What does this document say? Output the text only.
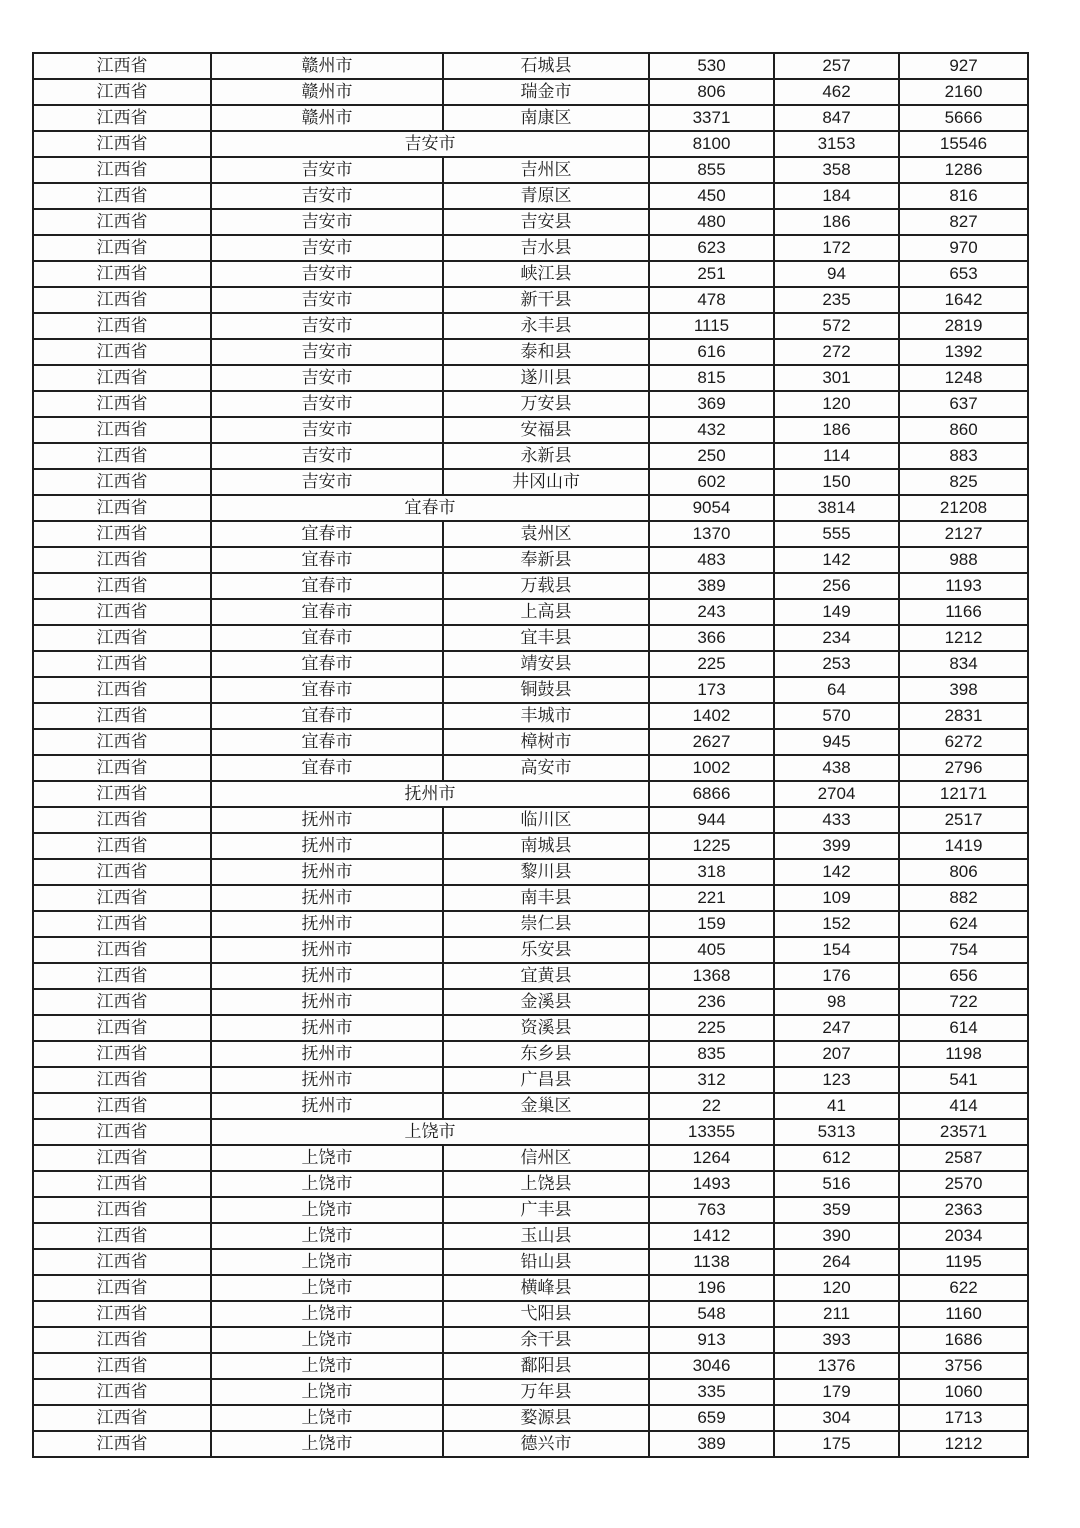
江西省	赣州市	石城县	530	257	927
江西省	赣州市	瑞金市	806	462	2160
江西省	赣州市	南康区	3371	847	5666
江西省	吉安市		8100	3153	15546
江西省	吉安市	吉州区	855	358	1286
江西省	吉安市	青原区	450	184	816
江西省	吉安市	吉安县	480	186	827
江西省	吉安市	吉水县	623	172	970
江西省	吉安市	峡江县	251	94	653
江西省	吉安市	新干县	478	235	1642
江西省	吉安市	永丰县	1115	572	2819
江西省	吉安市	泰和县	616	272	1392
江西省	吉安市	遂川县	815	301	1248
江西省	吉安市	万安县	369	120	637
江西省	吉安市	安福县	432	186	860
江西省	吉安市	永新县	250	114	883
江西省	吉安市	井冈山市	602	150	825
江西省	宜春市		9054	3814	21208
江西省	宜春市	袁州区	1370	555	2127
江西省	宜春市	奉新县	483	142	988
江西省	宜春市	万载县	389	256	1193
江西省	宜春市	上高县	243	149	1166
江西省	宜春市	宜丰县	366	234	1212
江西省	宜春市	靖安县	225	253	834
江西省	宜春市	铜鼓县	173	64	398
江西省	宜春市	丰城市	1402	570	2831
江西省	宜春市	樟树市	2627	945	6272
江西省	宜春市	高安市	1002	438	2796
江西省	抚州市		6866	2704	12171
江西省	抚州市	临川区	944	433	2517
江西省	抚州市	南城县	1225	399	1419
江西省	抚州市	黎川县	318	142	806
江西省	抚州市	南丰县	221	109	882
江西省	抚州市	崇仁县	159	152	624
江西省	抚州市	乐安县	405	154	754
江西省	抚州市	宜黄县	1368	176	656
江西省	抚州市	金溪县	236	98	722
江西省	抚州市	资溪县	225	247	614
江西省	抚州市	东乡县	835	207	1198
江西省	抚州市	广昌县	312	123	541
江西省	抚州市	金巢区	22	41	414
江西省	上饶市		13355	5313	23571
江西省	上饶市	信州区	1264	612	2587
江西省	上饶市	上饶县	1493	516	2570
江西省	上饶市	广丰县	763	359	2363
江西省	上饶市	玉山县	1412	390	2034
江西省	上饶市	铅山县	1138	264	1195
江西省	上饶市	横峰县	196	120	622
江西省	上饶市	弋阳县	548	211	1160
江西省	上饶市	余干县	913	393	1686
江西省	上饶市	鄱阳县	3046	1376	3756
江西省	上饶市	万年县	335	179	1060
江西省	上饶市	婺源县	659	304	1713
江西省	上饶市	德兴市	389	175	1212
